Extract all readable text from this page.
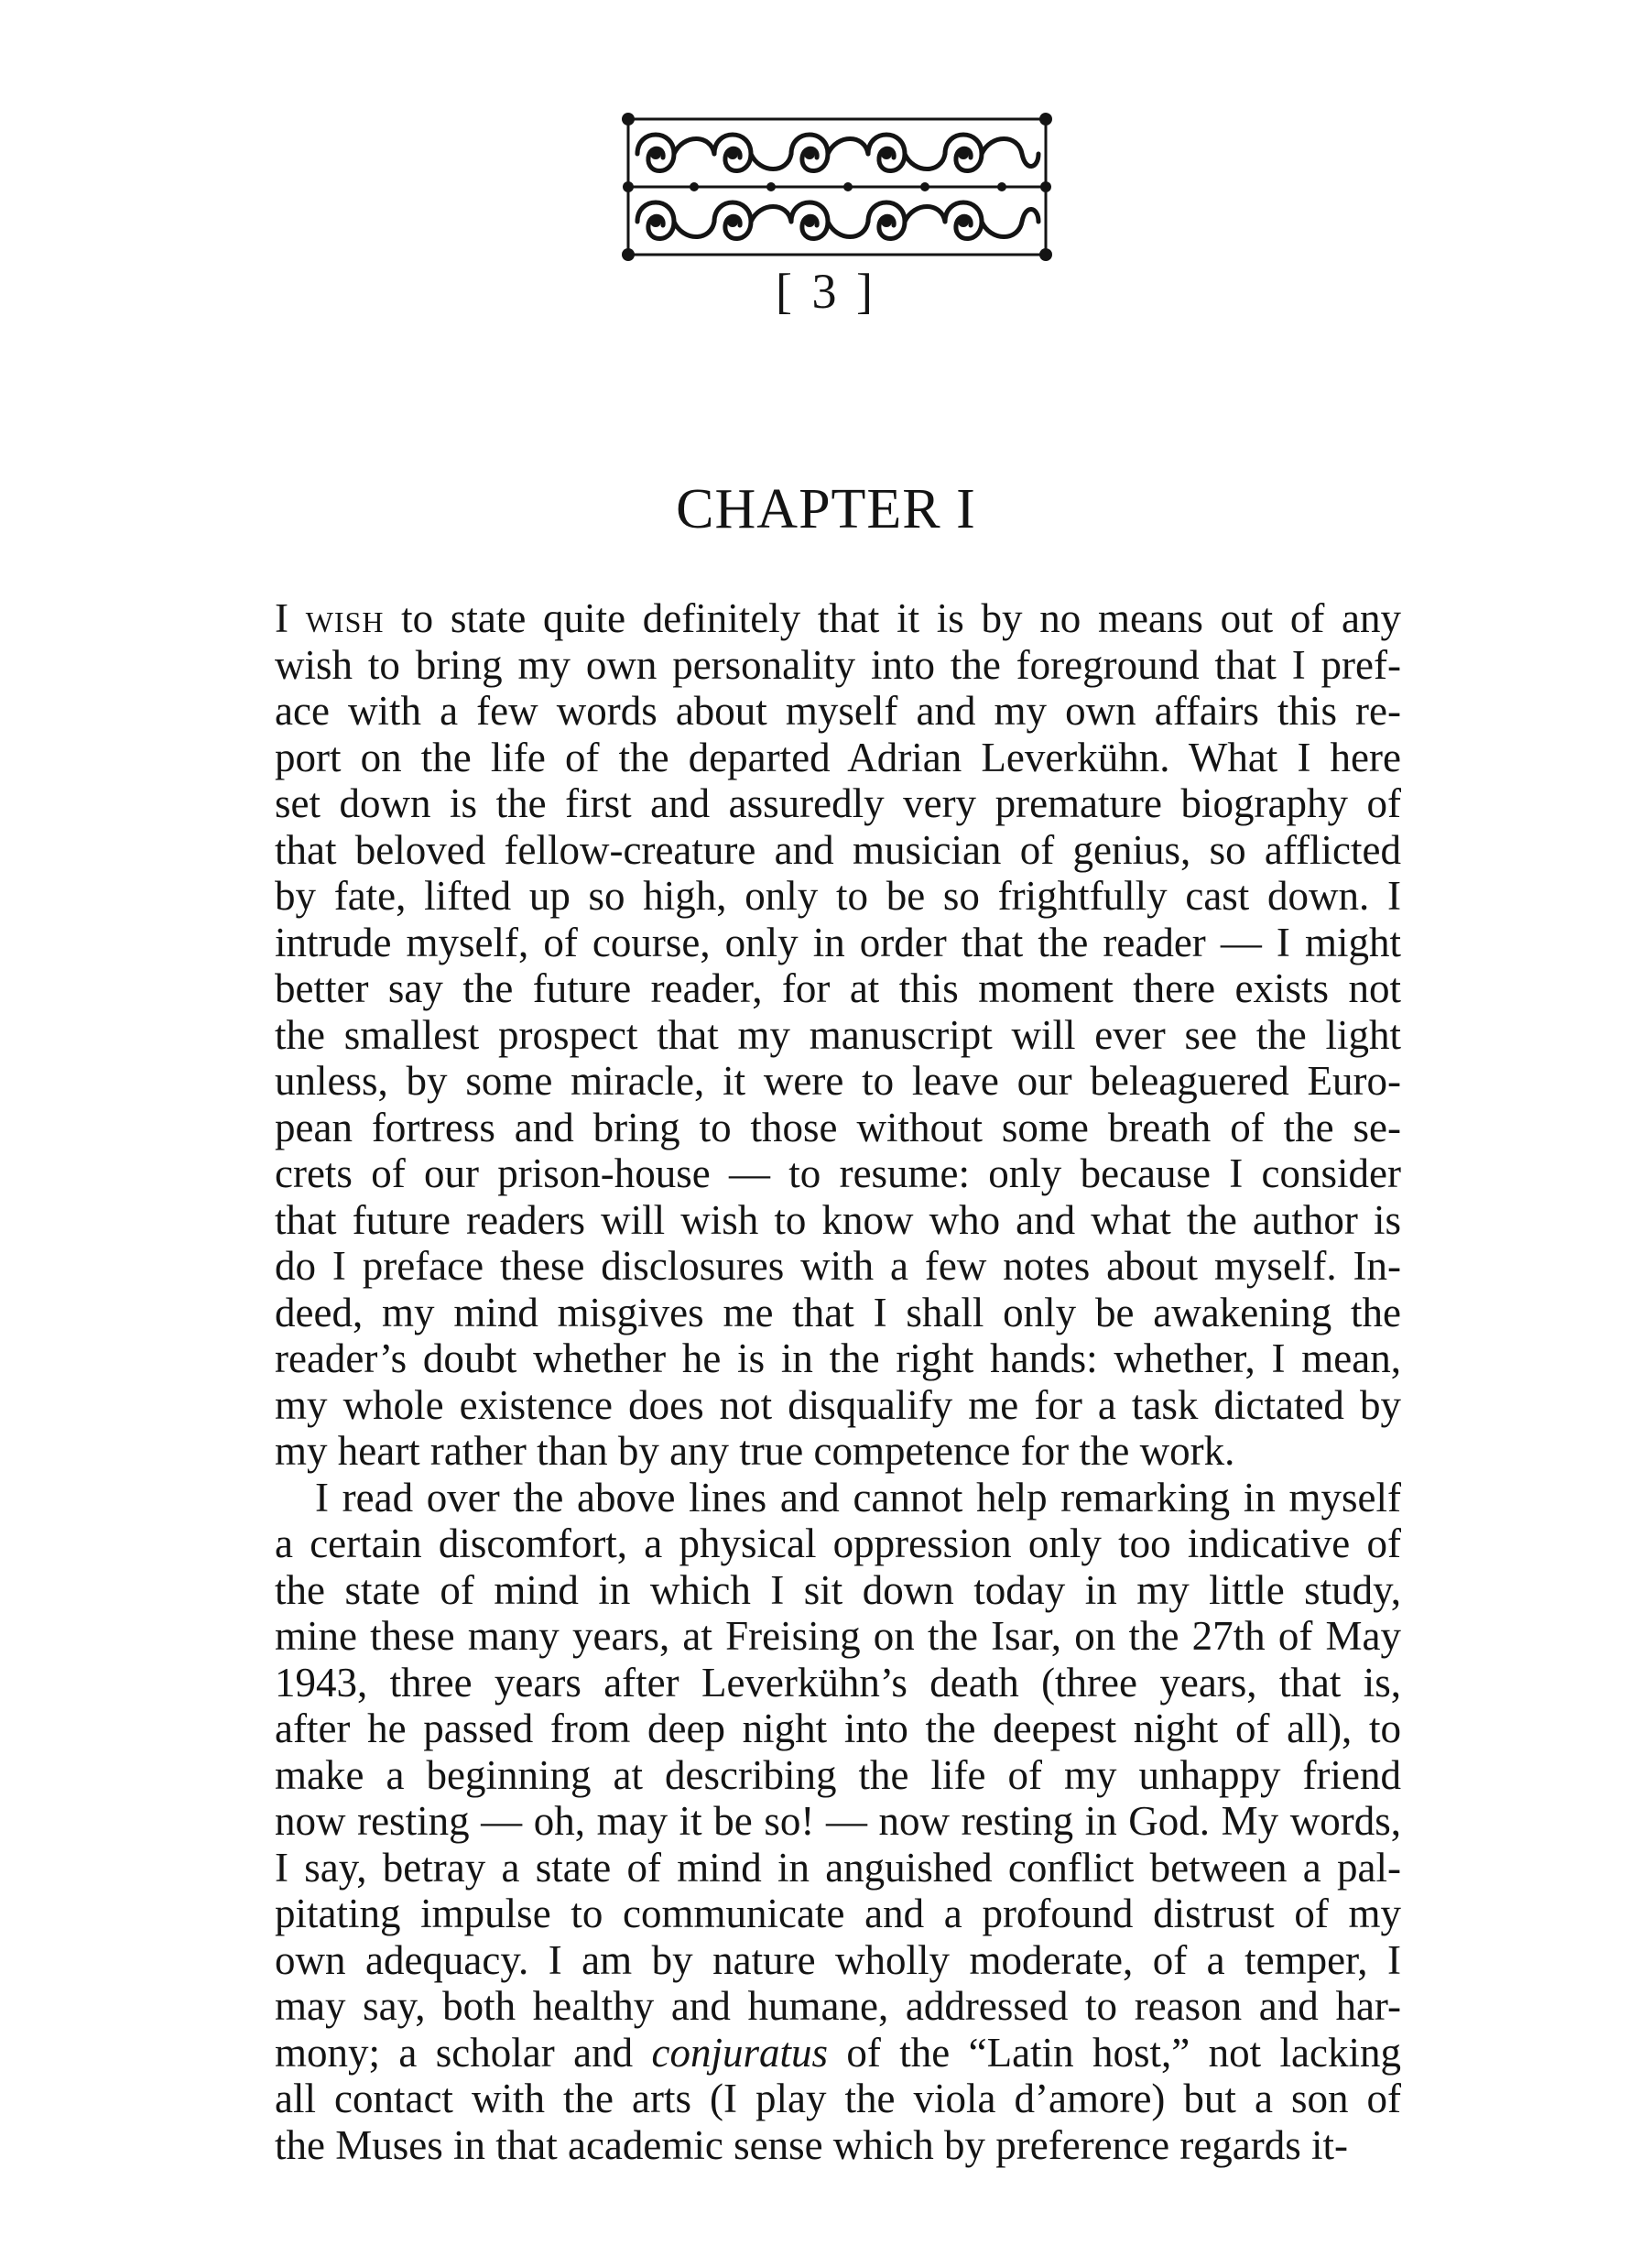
[ 3 ]
CHAPTER I
I wish to state quite definitely that it is by no means out of any
wish to bring my own personality into the foreground that I pref-
ace with a few words about myself and my own affairs this re-
port on the life of the departed Adrian Leverkühn. What I here
set down is the first and assuredly very premature biography of
that beloved fellow-creature and musician of genius, so afflicted
by fate, lifted up so high, only to be so frightfully cast down. I
intrude myself, of course, only in order that the reader — I might
better say the future reader, for at this moment there exists not
the smallest prospect that my manuscript will ever see the light
unless, by some miracle, it were to leave our beleaguered Euro-
pean fortress and bring to those without some breath of the se-
crets of our prison-house — to resume: only because I consider
that future readers will wish to know who and what the author is
do I preface these disclosures with a few notes about myself. In-
deed, my mind misgives me that I shall only be awakening the
reader’s doubt whether he is in the right hands: whether, I mean,
my whole existence does not disqualify me for a task dictated by
my heart rather than by any true competence for the work.
I read over the above lines and cannot help remarking in myself
a certain discomfort, a physical oppression only too indicative of
the state of mind in which I sit down today in my little study,
mine these many years, at Freising on the Isar, on the 27th of May
1943, three years after Leverkühn’s death (three years, that is,
after he passed from deep night into the deepest night of all), to
make a beginning at describing the life of my unhappy friend
now resting — oh, may it be so! — now resting in God. My words,
I say, betray a state of mind in anguished conflict between a pal-
pitating impulse to communicate and a profound distrust of my
own adequacy. I am by nature wholly moderate, of a temper, I
may say, both healthy and humane, addressed to reason and har-
mony; a scholar and conjuratus of the “Latin host,” not lacking
all contact with the arts (I play the viola d’amore) but a son of
the Muses in that academic sense which by preference regards it-
